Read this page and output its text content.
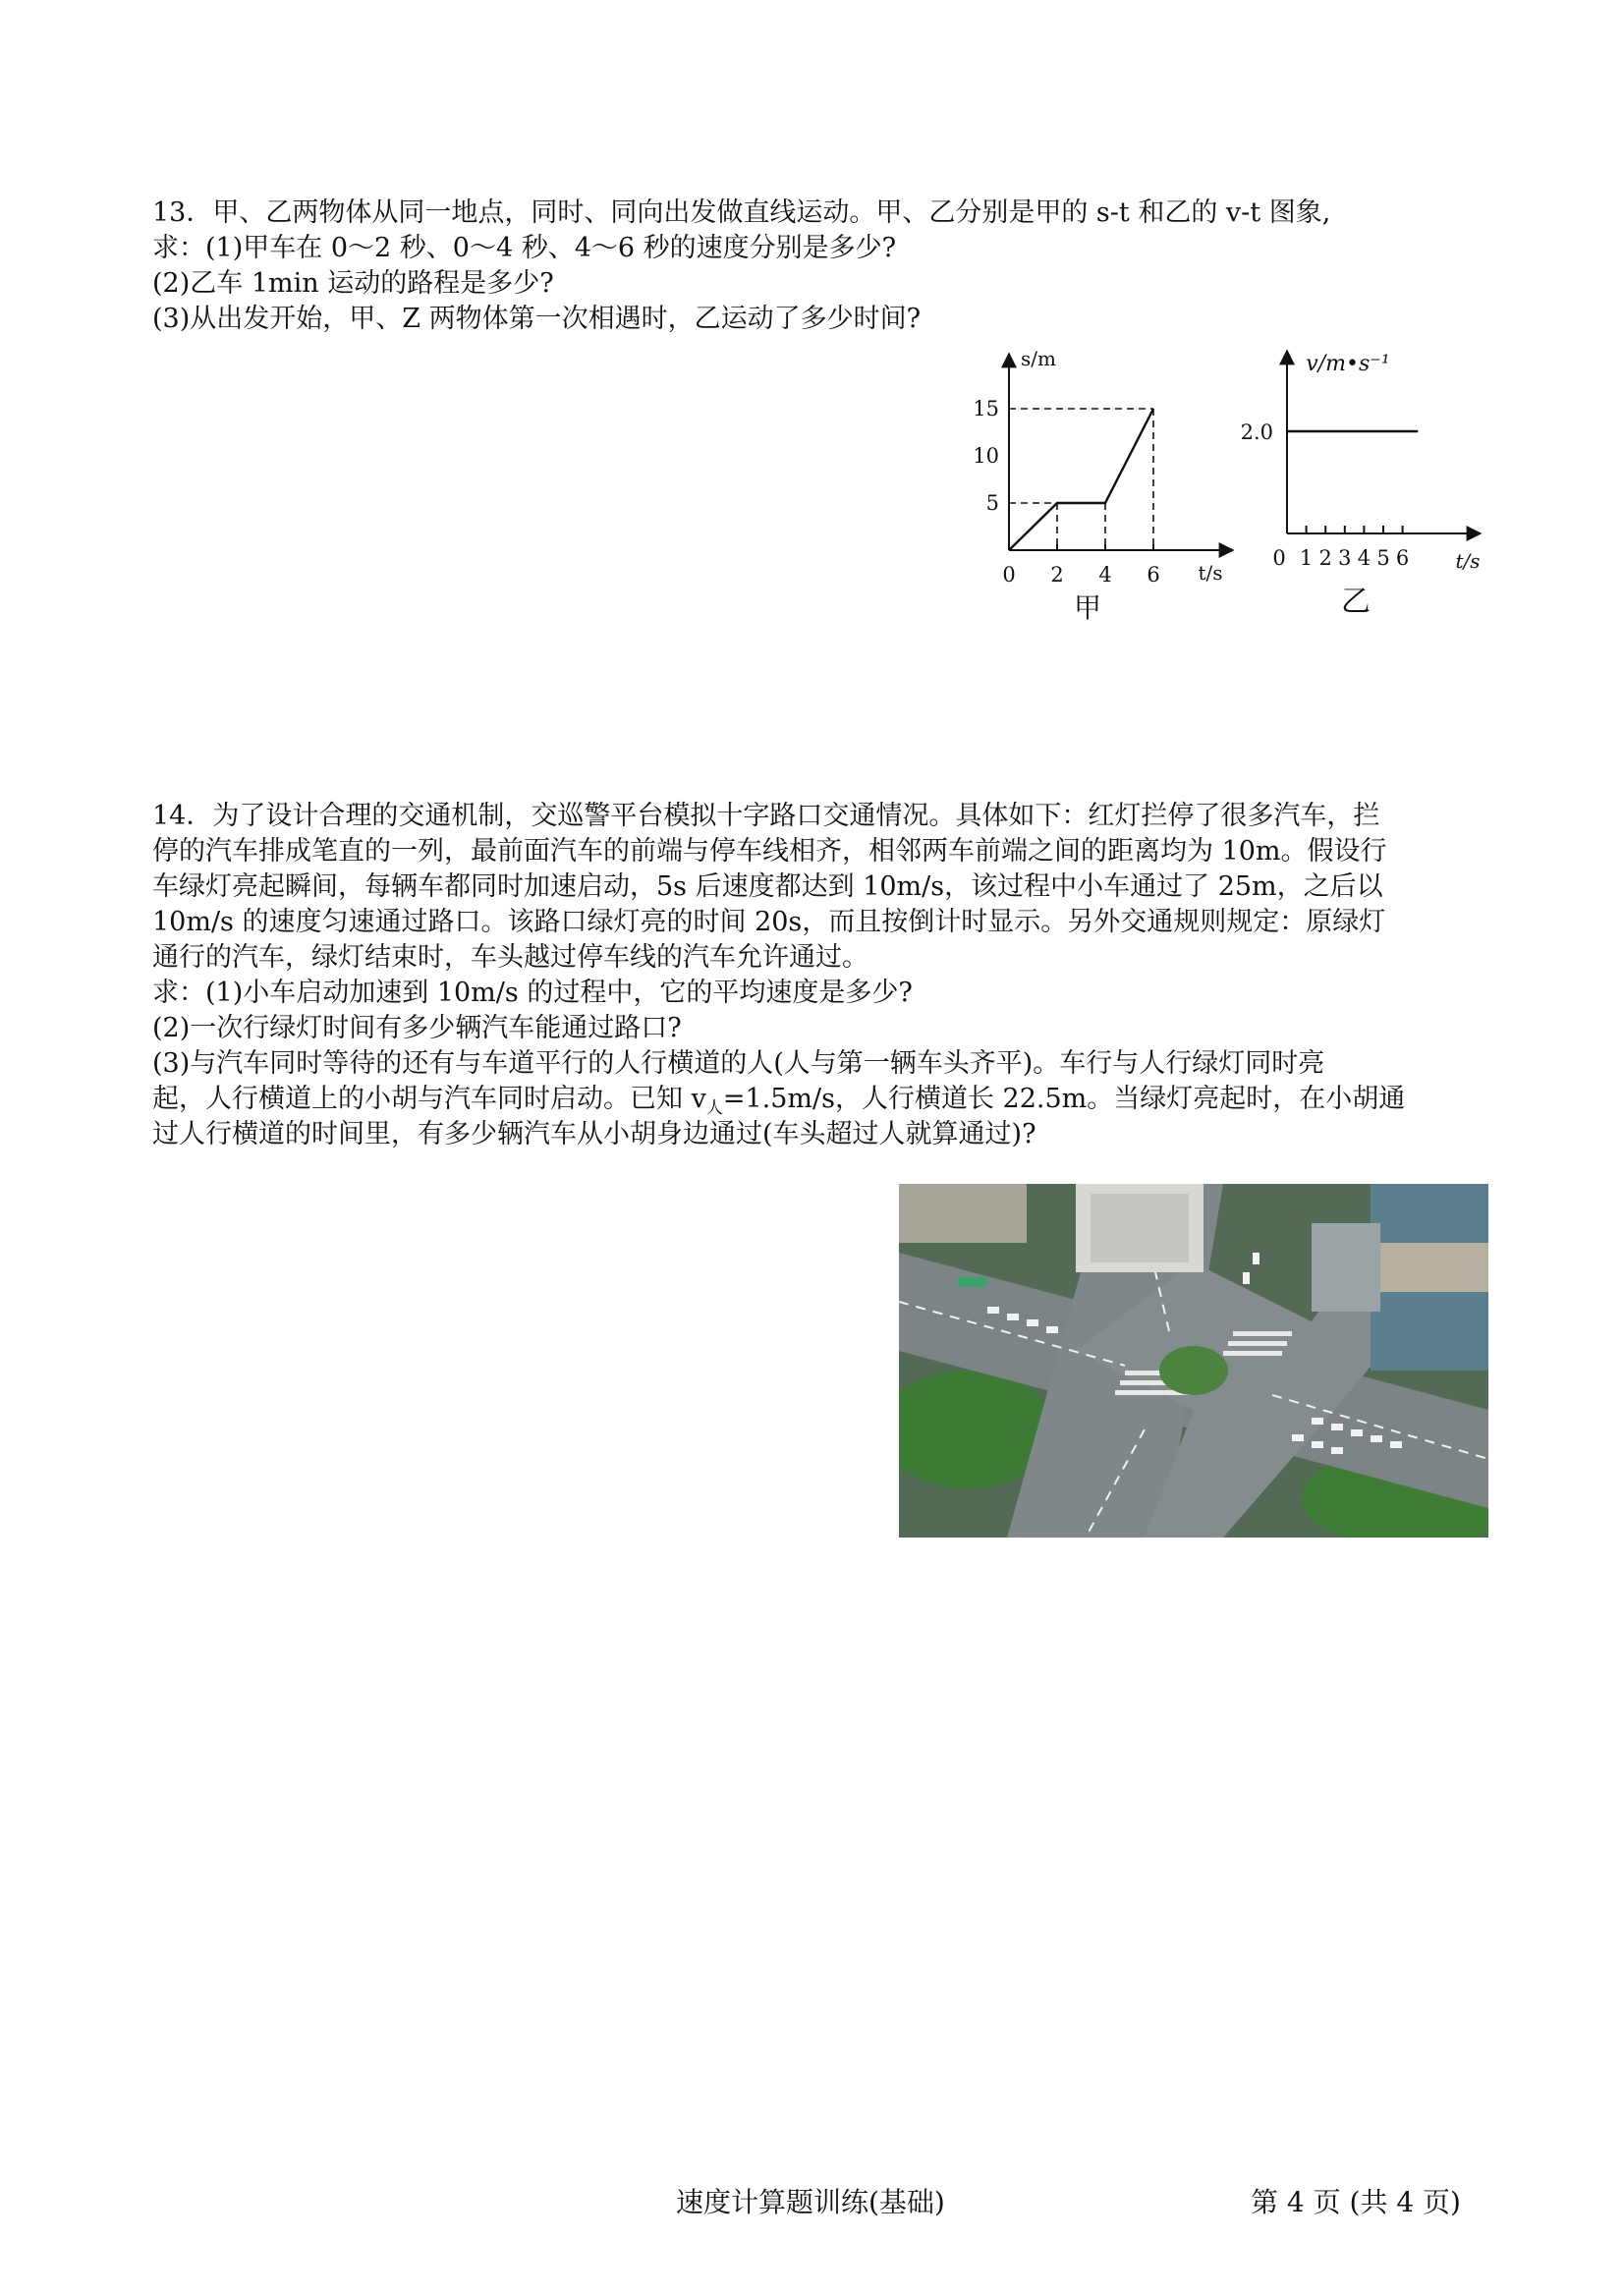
13．甲、乙两物体从同一地点，同时、同向出发做直线运动。甲、乙分别是甲的 s-t 和乙的 v-t 图象,
求：(1)甲车在 0～2 秒、0～4 秒、4～6 秒的速度分别是多少?
(2)乙车 1min 运动的路程是多少?
(3)从出发开始，甲、Z 两物体第一次相遇时，乙运动了多少时间?
s/m
t/s
0 2 4 6
5
10
15
甲
v/m•s⁻¹
t/s
0 1 2 3 4 5 6
2.0
乙
14．为了设计合理的交通机制，交巡警平台模拟十字路口交通情况。具体如下：红灯拦停了很多汽车，拦
停的汽车排成笔直的一列，最前面汽车的前端与停车线相齐，相邻两车前端之间的距离均为 10m。假设行
车绿灯亮起瞬间，每辆车都同时加速启动，5s 后速度都达到 10m/s，该过程中小车通过了 25m，之后以
10m/s 的速度匀速通过路口。该路口绿灯亮的时间 20s，而且按倒计时显示。另外交通规则规定：原绿灯
通行的汽车，绿灯结束时，车头越过停车线的汽车允许通过。
求：(1)小车启动加速到 10m/s 的过程中，它的平均速度是多少?
(2)一次行绿灯时间有多少辆汽车能通过路口?
(3)与汽车同时等待的还有与车道平行的人行横道的人(人与第一辆车头齐平)。车行与人行绿灯同时亮
起，人行横道上的小胡与汽车同时启动。已知 $v_人=1.5m/s$，人行横道长 22.5m。当绿灯亮起时，在小胡通
过人行横道的时间里，有多少辆汽车从小胡身边通过(车头超过人就算通过)?
速度计算题训练(基础)	第 4 页 (共 4 页)
